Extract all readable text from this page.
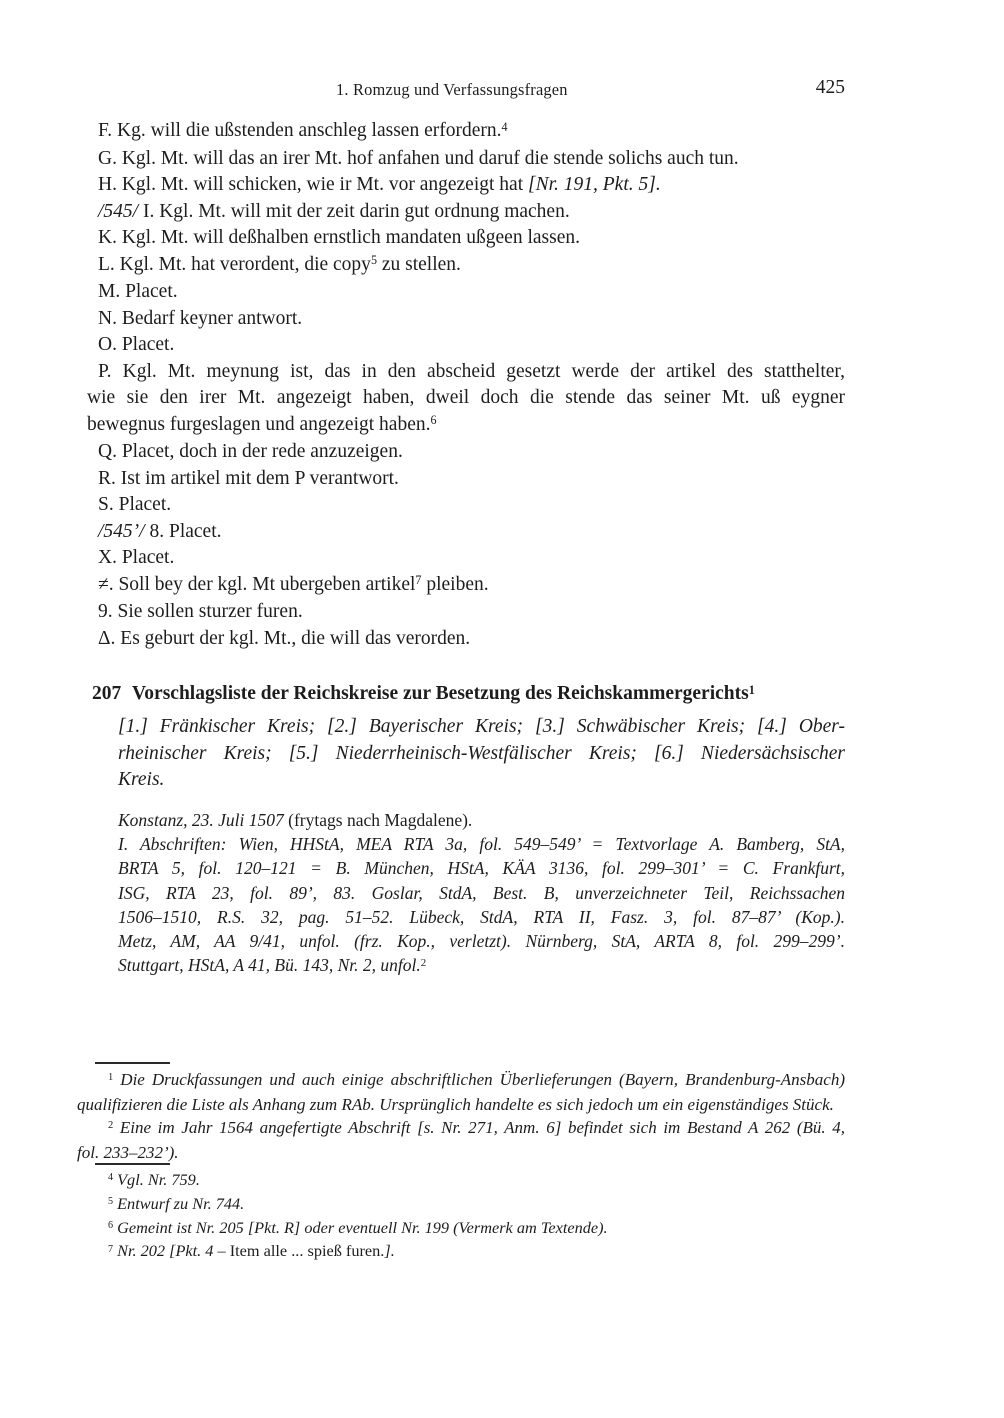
1. Romzug und Verfassungsfragen	425
F. Kg. will die ußstenden anschleg lassen erfordern.$^4$
G. Kgl. Mt. will das an irer Mt. hof anfahen und daruf die stende solichs auch tun.
H. Kgl. Mt. will schicken, wie ir Mt. vor angezeigt hat [Nr. 191, Pkt. 5].
/545/ I. Kgl. Mt. will mit der zeit darin gut ordnung machen.
K. Kgl. Mt. will deßhalben ernstlich mandaten ußgeen lassen.
L. Kgl. Mt. hat verordent, die copy$^5$ zu stellen.
M. Placet.
N. Bedarf keyner antwort.
O. Placet.
P. Kgl. Mt. meynung ist, das in den abscheid gesetzt werde der artikel des statthelter,
wie sie den irer Mt. angezeigt haben, dweil doch die stende das seiner Mt. uß eygner
bewegnus furgeslagen und angezeigt haben.$^6$
Q. Placet, doch in der rede anzuzeigen.
R. Ist im artikel mit dem P verantwort.
S. Placet.
/545’/ 8. Placet.
X. Placet.
≠. Soll bey der kgl. Mt ubergeben artikel$^7$ pleiben.
9. Sie sollen sturzer furen.
Δ. Es geburt der kgl. Mt., die will das verorden.
207 Vorschlagsliste der Reichskreise zur Besetzung des Reichskammergerichts$^1$
[1.] Fränkischer Kreis; [2.] Bayerischer Kreis; [3.] Schwäbischer Kreis; [4.] Ober-
rheinischer Kreis; [5.] Niederrheinisch-Westfälischer Kreis; [6.] Niedersächsischer
Kreis.
Konstanz, 23. Juli 1507 (frytags nach Magdalene).
I. Abschriften: Wien, HHStA, MEA RTA 3a, fol. 549–549’ = Textvorlage A. Bamberg, StA,
BRTA 5, fol. 120–121 = B. München, HStA, KÄA 3136, fol. 299–301’ = C. Frankfurt,
ISG, RTA 23, fol. 89’, 83. Goslar, StdA, Best. B, unverzeichneter Teil, Reichssachen
1506–1510, R.S. 32, pag. 51–52. Lübeck, StdA, RTA II, Fasz. 3, fol. 87–87’ (Kop.).
Metz, AM, AA 9/41, unfol. (frz. Kop., verletzt). Nürnberg, StA, ARTA 8, fol. 299–299’.
Stuttgart, HStA, A 41, Bü. 143, Nr. 2, unfol.$^2$
$^1$ Die Druckfassungen und auch einige abschriftlichen Überlieferungen (Bayern, Brandenburg-Ansbach)
qualifizieren die Liste als Anhang zum RAb. Ursprünglich handelte es sich jedoch um ein eigenständiges Stück.
$^2$ Eine im Jahr 1564 angefertigte Abschrift [s. Nr. 271, Anm. 6] befindet sich im Bestand A 262 (Bü. 4,
fol. 233–232’).
$^4$ Vgl. Nr. 759.
$^5$ Entwurf zu Nr. 744.
$^6$ Gemeint ist Nr. 205 [Pkt. R] oder eventuell Nr. 199 (Vermerk am Textende).
$^7$ Nr. 202 [Pkt. 4 – Item alle ... spieß furen.].
